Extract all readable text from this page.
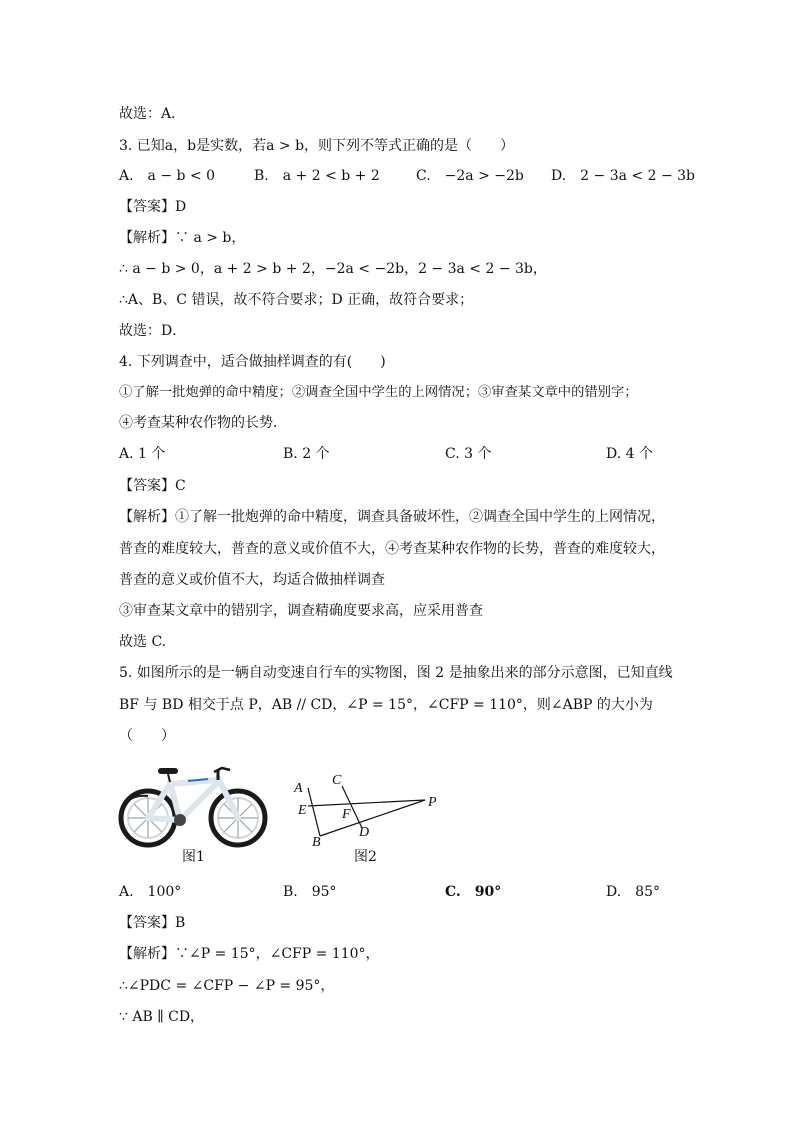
故选：A．
3. 已知a，b是实数，若a > b，则下列不等式正确的是（　　）
A.　a − b < 0	B.　a + 2 < b + 2	C.　−2a > −2b D.　2 − 3a < 2 − 3b
【答案】D
【解析】∵ a > b，
∴ a − b > 0，a + 2 > b + 2，−2a < −2b，2 − 3a < 2 − 3b，
∴A、B、C 错误，故不符合要求；D 正确，故符合要求；
故选：D．
4. 下列调查中，适合做抽样调查的有(　　)
①了解一批炮弹的命中精度；②调查全国中学生的上网情况；③审查某文章中的错别字；
④考查某种农作物的长势．
A. 1 个	B. 2 个	C. 3 个	D. 4 个
【答案】C
【解析】①了解一批炮弹的命中精度，调查具备破坏性，②调查全国中学生的上网情况，
普查的难度较大，普查的意义或价值不大，④考查某种农作物的长势，普查的难度较大，
普查的意义或价值不大，均适合做抽样调查
③审查某文章中的错别字，调查精确度要求高，应采用普查
故选 C.
5. 如图所示的是一辆自动变速自行车的实物图，图 2 是抽象出来的部分示意图，已知直线
BF 与 BD 相交于点 P，AB // CD，∠P = 15°，∠CFP = 110°，则∠ABP 的大小为
（　　）
图1
A
E
B
C
F
D
P
图2
A.　100°	B.　95°	C.　90°	D.　85°
【答案】B
【解析】∵∠P = 15°，∠CFP = 110°，
∴∠PDC = ∠CFP − ∠P = 95°，
∵ AB ∥ CD，
